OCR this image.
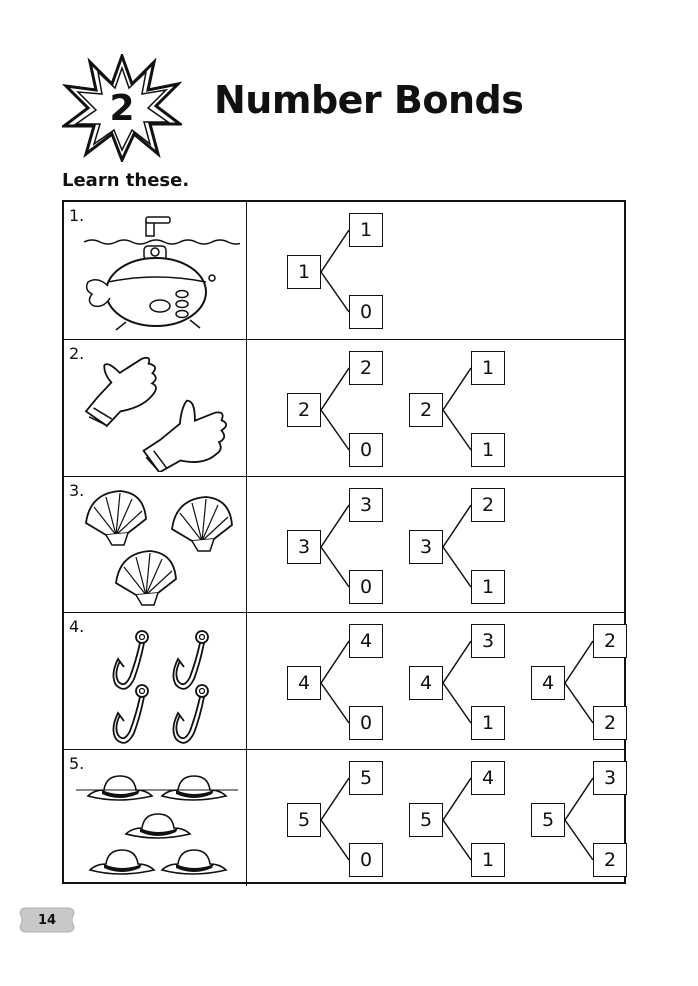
2	Number Bonds
Learn these.
1.
1
1
0
2.
2
2
0
2
1
1
3.
3
3
0
3
2
1
4.
4
4
0
4
3
1
4
2
2
5.
5
5
0
5
4
1
5
3
2
14
